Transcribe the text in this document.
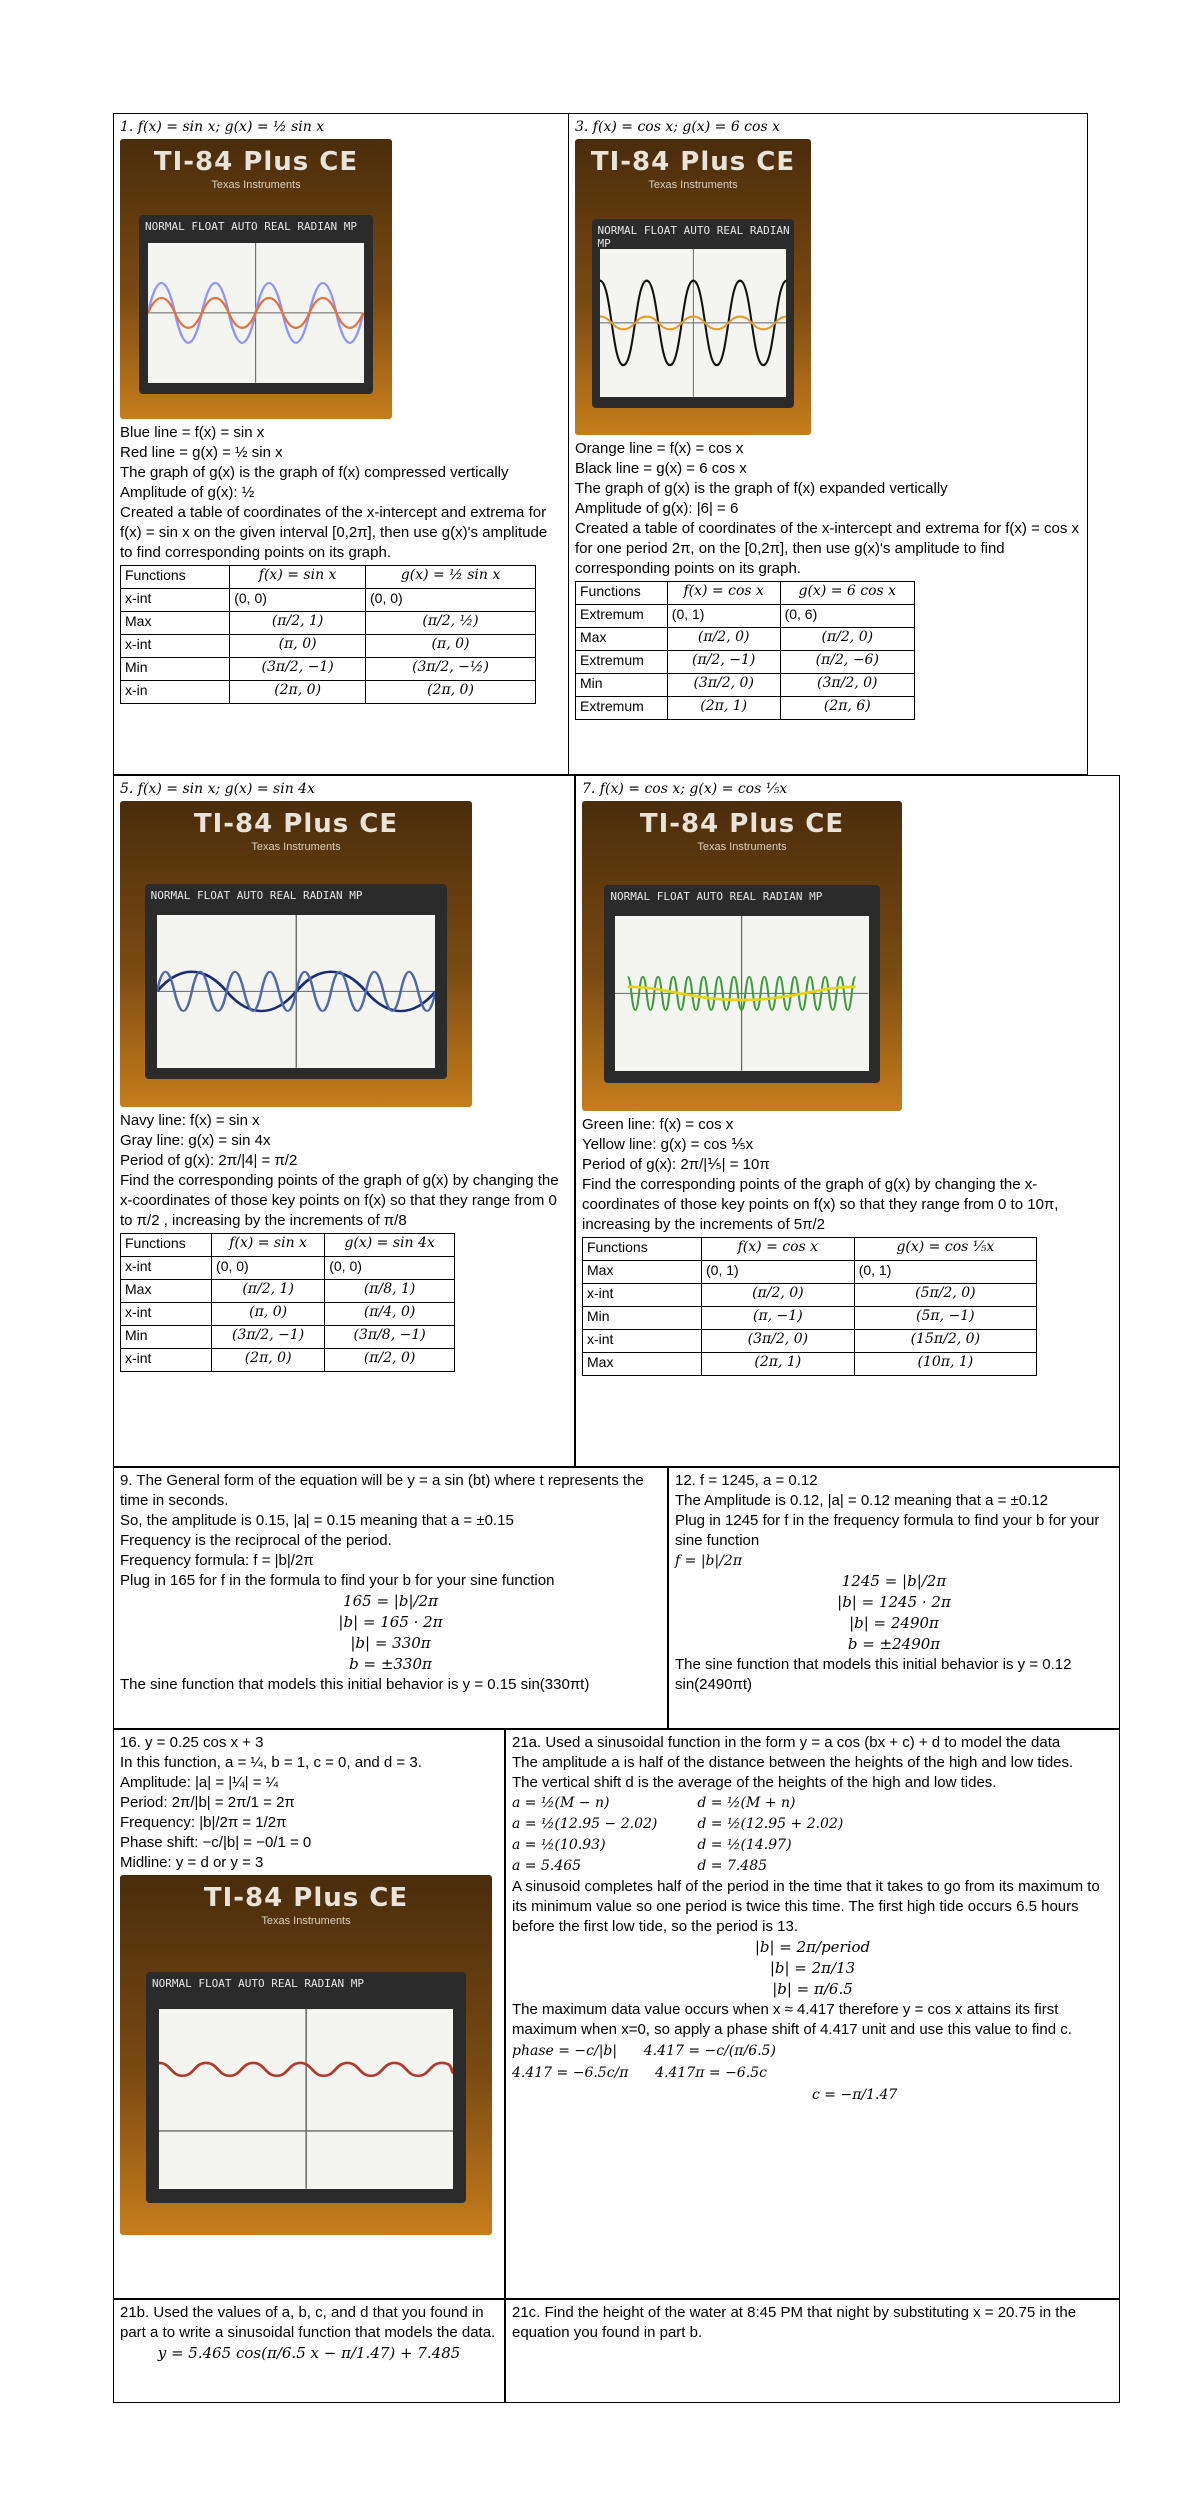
1. f(x) = sin x; g(x) = ½ sin x

TI-84 Plus CE
Texas Instruments
NORMAL FLOAT AUTO REAL RADIAN MP

Blue line = f(x) = sin x

Red line = g(x) = ½ sin x

The graph of g(x) is the graph of f(x) compressed vertically

Amplitude of g(x): ½

Created a table of coordinates of the x-intercept and extrema for f(x) = sin x on the given interval [0,2π], then use g(x)'s amplitude to find corresponding points on its graph.

Functions	f(x) = sin x	g(x) = ½ sin x
x-int	(0, 0)	(0, 0)
Max	(π/2, 1)	(π/2, ½)
x-int	(π, 0)	(π, 0)
Min	(3π/2, −1)	(3π/2, −½)
x-in	(2π, 0)	(2π, 0)

3. f(x) = cos x; g(x) = 6 cos x

TI-84 Plus CE
Texas Instruments
NORMAL FLOAT AUTO REAL RADIAN MP

Orange line = f(x) = cos x

Black line = g(x) = 6 cos x

The graph of g(x) is the graph of f(x) expanded vertically

Amplitude of g(x): |6| = 6

Created a table of coordinates of the x-intercept and extrema for f(x) = cos x for one period 2π, on the [0,2π], then use g(x)'s amplitude to find corresponding points on its graph.

Functions	f(x) = cos x	g(x) = 6 cos x
Extremum	(0, 1)	(0, 6)
Max	(π/2, 0)	(π/2, 0)
Extremum	(π/2, −1)	(π/2, −6)
Min	(3π/2, 0)	(3π/2, 0)
Extremum	(2π, 1)	(2π, 6)

5. f(x) = sin x; g(x) = sin 4x

TI-84 Plus CE
Texas Instruments
NORMAL FLOAT AUTO REAL RADIAN MP

Navy line: f(x) = sin x

Gray line: g(x) = sin 4x

Period of g(x): 2π/|4| = π/2

Find the corresponding points of the graph of g(x) by changing the x-coordinates of those key points on f(x) so that they range from 0 to π/2 , increasing by the increments of π/8

Functions	f(x) = sin x	g(x) = sin 4x
x-int	(0, 0)	(0, 0)
Max	(π/2, 1)	(π/8, 1)
x-int	(π, 0)	(π/4, 0)
Min	(3π/2, −1)	(3π/8, −1)
x-int	(2π, 0)	(π/2, 0)

7. f(x) = cos x; g(x) = cos ⅕x

TI-84 Plus CE
Texas Instruments
NORMAL FLOAT AUTO REAL RADIAN MP

Green line: f(x) = cos x

Yellow line: g(x) = cos ⅕x

Period of g(x): 2π/|⅕| = 10π

Find the corresponding points of the graph of g(x) by changing the x-coordinates of those key points on f(x) so that they range from 0 to 10π, increasing by the increments of 5π/2

Functions	f(x) = cos x	g(x) = cos ⅕x
Max	(0, 1)	(0, 1)
x-int	(π/2, 0)	(5π/2, 0)
Min	(π, −1)	(5π, −1)
x-int	(3π/2, 0)	(15π/2, 0)
Max	(2π, 1)	(10π, 1)

9. The General form of the equation will be y = a sin (bt) where t represents the time in seconds.

So, the amplitude is 0.15, |a| = 0.15 meaning that a = ±0.15

Frequency is the reciprocal of the period.

Frequency formula: f = |b|/2π

Plug in 165 for f in the formula to find your b for your sine function

165 = |b|/2π
|b| = 165 · 2π
|b| = 330π
b = ±330π

The sine function that models this initial behavior is y = 0.15 sin(330πt)

12. f = 1245, a = 0.12

The Amplitude is 0.12, |a| = 0.12 meaning that a = ±0.12

Plug in 1245 for f in the frequency formula to find your b for your sine function

f = |b|/2π

1245 = |b|/2π
|b| = 1245 · 2π
|b| = 2490π
b = ±2490π

The sine function that models this initial behavior is y = 0.12 sin(2490πt)

16. y = 0.25 cos x + 3

In this function, a = ¼, b = 1, c = 0, and d = 3.

Amplitude: |a| = |¼| = ¼

Period: 2π/|b| = 2π/1 = 2π

Frequency: |b|/2π = 1/2π

Phase shift: −c/|b| = −0/1 = 0

Midline: y = d or y = 3

TI-84 Plus CE
Texas Instruments
NORMAL FLOAT AUTO REAL RADIAN MP

21a. Used a sinusoidal function in the form y = a cos (bx + c) + d to model the data

The amplitude a is half of the distance between the heights of the high and low tides.

The vertical shift d is the average of the heights of the high and low tides.

a = ½(M − n)
a = ½(12.95 − 2.02)
a = ½(10.93)
a = 5.465
d = ½(M + n)
d = ½(12.95 + 2.02)
d = ½(14.97)
d = 7.485

A sinusoid completes half of the period in the time that it takes to go from its maximum to its minimum value so one period is twice this time. The first high tide occurs 6.5 hours before the first low tide, so the period is 13.

|b| = 2π/period
|b| = 2π/13
|b| = π/6.5

The maximum data value occurs when x ≈ 4.417 therefore y = cos x attains its first maximum when x=0, so apply a phase shift of 4.417 unit and use this value to find c.

phase = −c/|b|      4.417 = −c/(π/6.5)
4.417 = −6.5c/π      4.417π = −6.5c
c = −π/1.47

21b. Used the values of a, b, c, and d that you found in part a to write a sinusoidal function that models the data.

y = 5.465 cos(π/6.5 x − π/1.47) + 7.485

21c. Find the height of the water at 8:45 PM that night by substituting x = 20.75 in the equation you found in part b.
